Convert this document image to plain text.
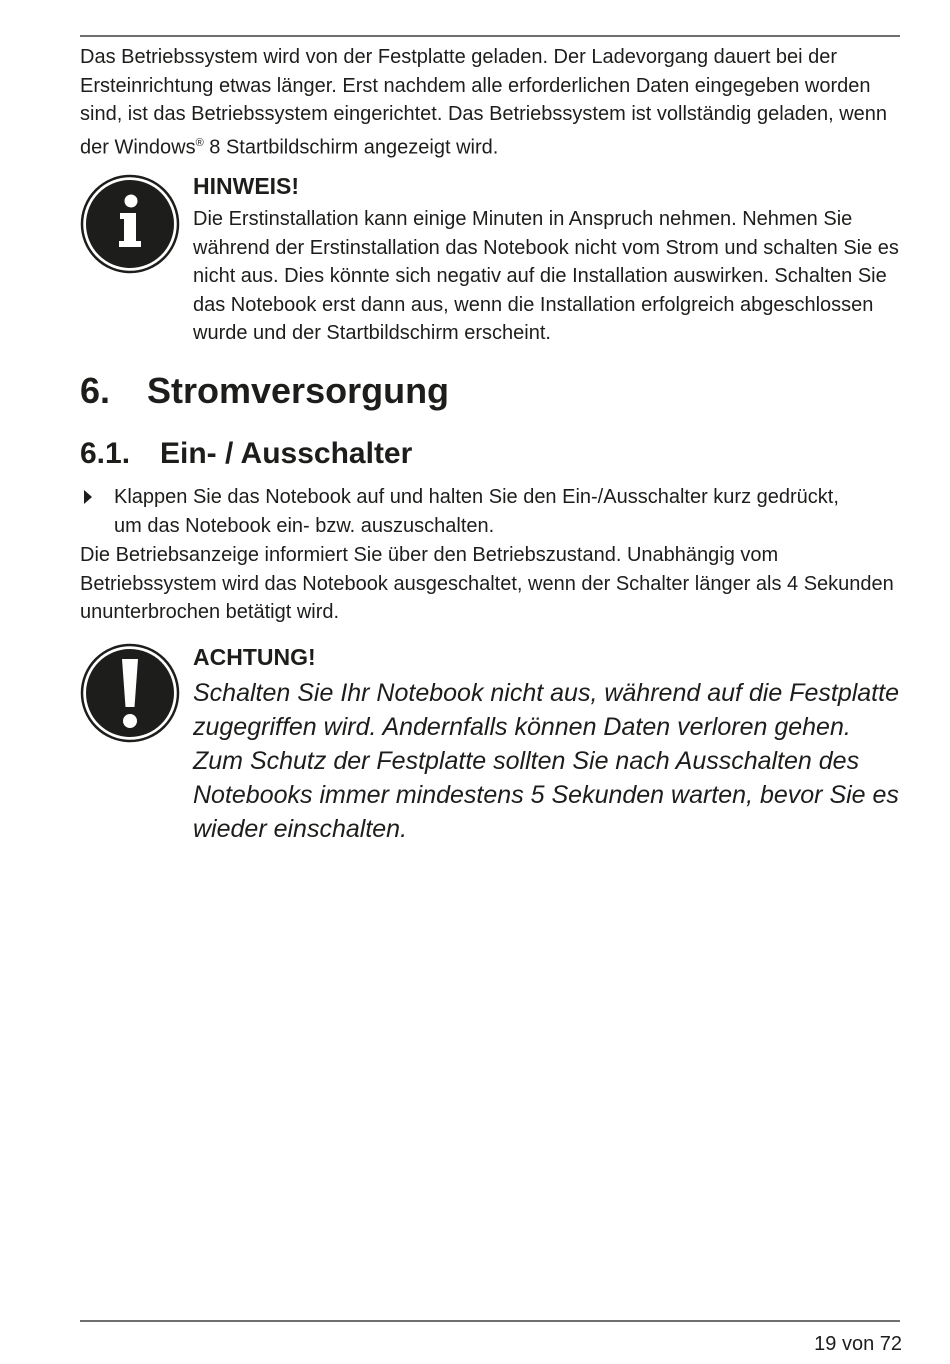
Das Betriebssystem wird von der Festplatte geladen. Der Ladevorgang dauert bei der Ersteinrichtung etwas länger. Erst nachdem alle erforderlichen Daten eingegeben worden sind, ist das Betriebssystem eingerichtet. Das Betriebssystem ist vollständig geladen, wenn der Windows® 8 Startbildschirm angezeigt wird.

HINWEIS!

Die Erstinstallation kann einige Minuten in Anspruch nehmen. Nehmen Sie während der Erstinstallation das Notebook nicht vom Strom und schalten Sie es nicht aus. Dies könnte sich negativ auf die Installation auswirken. Schalten Sie das Notebook erst dann aus, wenn die Installation erfolgreich abgeschlossen wurde und der Startbildschirm erscheint.

6. Stromversorgung
6.1. Ein- / Ausschalter
Klappen Sie das Notebook auf und halten Sie den Ein-/Ausschalter kurz gedrückt, um das Notebook ein- bzw. auszuschalten.

Die Betriebsanzeige informiert Sie über den Betriebszustand. Unabhängig vom Betriebssystem wird das Notebook ausgeschaltet, wenn der Schalter länger als 4 Sekunden ununterbrochen betätigt wird.

ACHTUNG!

Schalten Sie Ihr Notebook nicht aus, während auf die Festplatte zugegriffen wird. Andernfalls können Daten verloren gehen. Zum Schutz der Festplatte sollten Sie nach Ausschalten des Notebooks immer mindestens 5 Sekunden warten, bevor Sie es wieder einschalten.

19 von 72
